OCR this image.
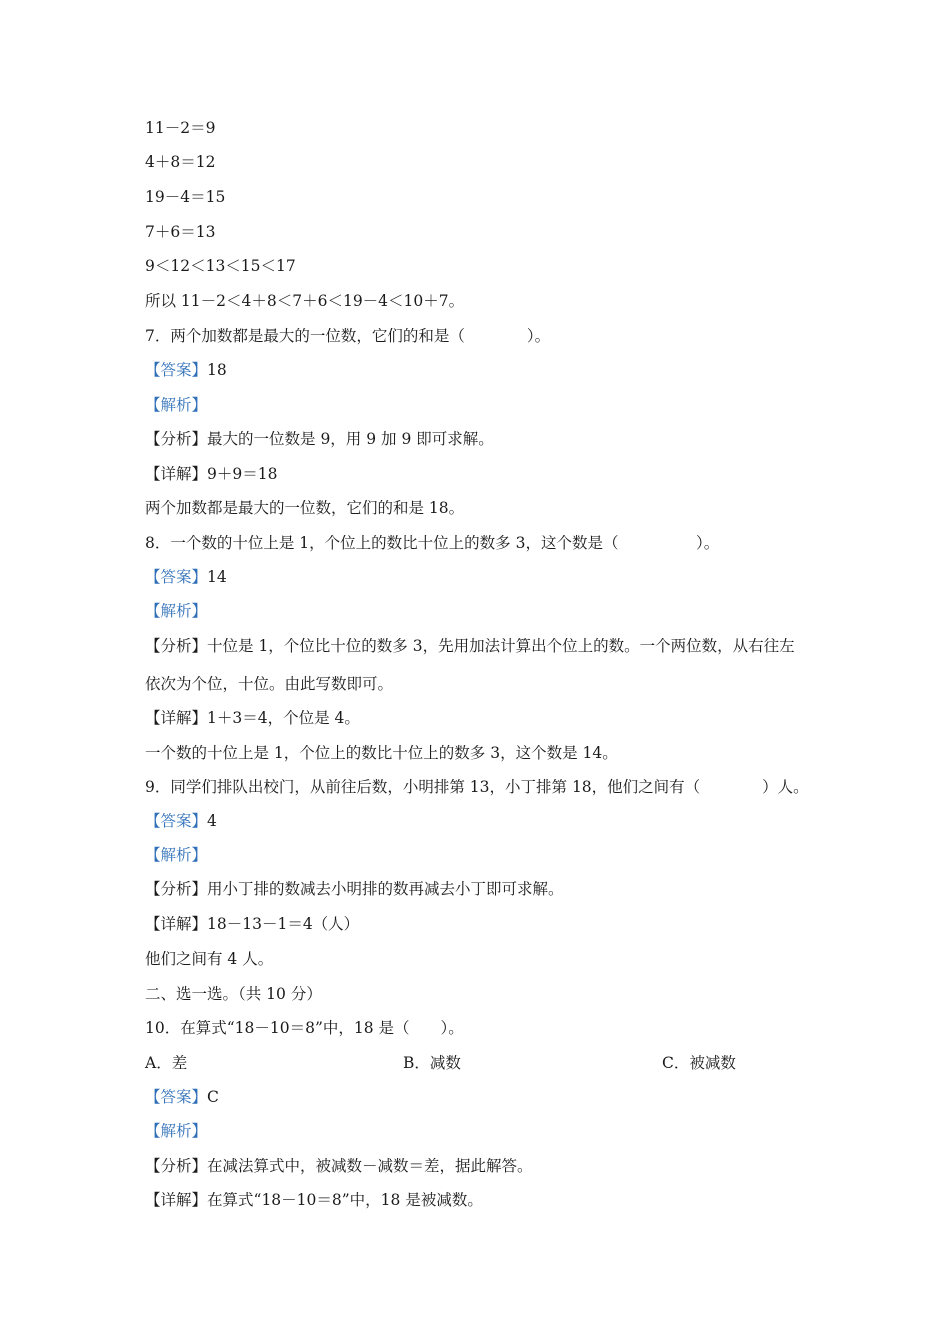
11－2＝9
4＋8＝12
19－4＝15
7＋6＝13
9＜12＜13＜15＜17
所以 11－2＜4＋8＜7＋6＜19－4＜10＋7。
7．两个加数都是最大的一位数，它们的和是（　　　　）。
【答案】18
【解析】
【分析】最大的一位数是 9，用 9 加 9 即可求解。
【详解】9＋9＝18
两个加数都是最大的一位数，它们的和是 18。
8．一个数的十位上是 1，个位上的数比十位上的数多 3，这个数是（　　　　　）。
【答案】14
【解析】
【分析】十位是 1，个位比十位的数多 3，先用加法计算出个位上的数。一个两位数，从右往左
依次为个位，十位。由此写数即可。
【详解】1＋3＝4，个位是 4。
一个数的十位上是 1，个位上的数比十位上的数多 3，这个数是 14。
9．同学们排队出校门，从前往后数，小明排第 13，小丁排第 18，他们之间有（　　　　）人。
【答案】4
【解析】
【分析】用小丁排的数减去小明排的数再减去小丁即可求解。
【详解】18－13－1＝4（人）
他们之间有 4 人。
二、选一选。（共 10 分）
10．在算式“18－10＝8”中，18 是（　　）。
A．差	B．减数	C．被减数
【答案】C
【解析】
【分析】在减法算式中，被减数－减数＝差，据此解答。
【详解】在算式“18－10＝8”中，18 是被减数。
